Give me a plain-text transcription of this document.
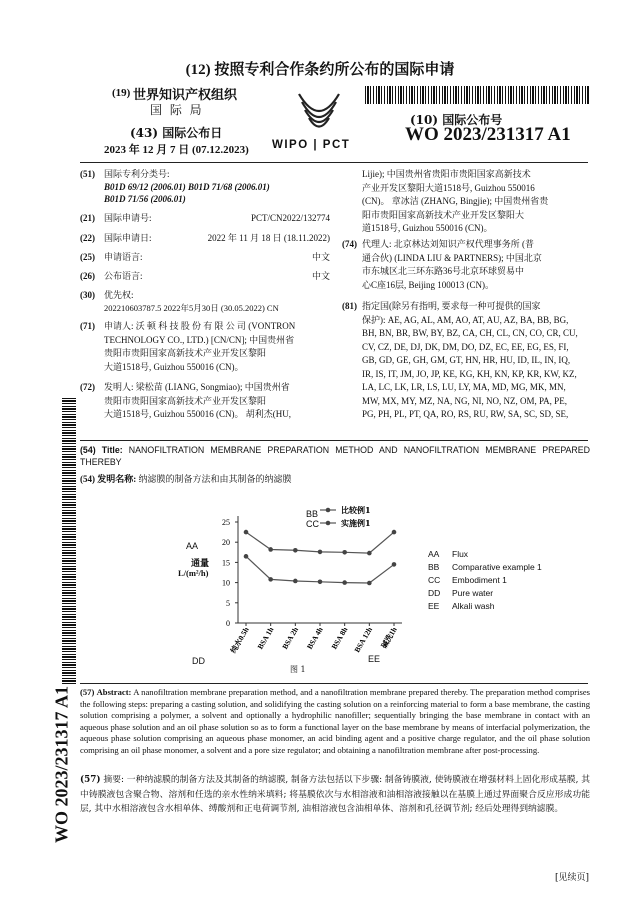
(12) 按照专利合作条约所公布的国际申请
(19) 世界知识产权组织
国 际 局
(43) 国际公布日
2023 年 12 月 7 日 (07.12.2023) WIPO | PCT
(10) 国际公布号
WO 2023/231317 A1
(51) 国际专利分类号:
B01D 69/12 (2006.01) B01D 71/68 (2006.01)
B01D 71/56 (2006.01)
(21) 国际申请号:	PCT/CN2022/132774
(22) 国际申请日:	2022 年 11 月 18 日 (18.11.2022)
(25) 申请语言:	中文
(26) 公布语言:	中文
(30) 优先权:
202210603787.5 2022年5月30日 (30.05.2022) CN
(71)	申请人: 沃 顿 科 技 股 份 有 限 公 司 (VONTRON
TECHNOLOGY CO., LTD.) [CN/CN]; 中国贵州省
贵阳市贵阳国家高新技术产业开发区黎阳
大道1518号, Guizhou 550016 (CN)。
(72)	发明人: 梁松苗 (LIANG, Songmiao); 中国贵州省
贵阳市贵阳国家高新技术产业开发区黎阳
大道1518号, Guizhou 550016 (CN)。 胡利杰(HU,
Lijie); 中国贵州省贵阳市贵阳国家高新技术
产业开发区黎阳大道1518号, Guizhou 550016
(CN)。 章冰洁 (ZHANG, Bingjie); 中国贵州省贵
阳市贵阳国家高新技术产业开发区黎阳大
道1518号, Guizhou 550016 (CN)。
(74) 代理人: 北京林达刘知识产权代理事务所 (普
通合伙) (LINDA LIU & PARTNERS); 中国北京
市东城区北三环东路36号北京环球贸易中
心C座16层, Beijing 100013 (CN)。
(81) 指定国(除另有指明, 要求每一种可提供的国家
保护): AE, AG, AL, AM, AO, AT, AU, AZ, BA, BB, BG,
BH, BN, BR, BW, BY, BZ, CA, CH, CL, CN, CO, CR, CU,
CV, CZ, DE, DJ, DK, DM, DO, DZ, EC, EE, EG, ES, FI,
GB, GD, GE, GH, GM, GT, HN, HR, HU, ID, IL, IN, IQ,
IR, IS, IT, JM, JO, JP, KE, KG, KH, KN, KP, KR, KW, KZ,
LA, LC, LK, LR, LS, LU, LY, MA, MD, MG, MK, MN,
MW, MX, MY, MZ, NA, NG, NI, NO, NZ, OM, PA, PE,
PG, PH, PL, PT, QA, RO, RS, RU, RW, SA, SC, SD, SE,
(54) Title: NANOFILTRATION MEMBRANE PREPARATION METHOD AND NANOFILTRATION MEMBRANE PREPARED THEREBY
(54) 发明名称: 纳滤膜的制备方法和由其制备的纳滤膜
0
5
10
15
20
25
纯水0.5h BSA 1h BSA 2h BSA 4h BSA 8h BSA 12h 碱洗1h
比较例1
实施例1
AA
通量
L/(m²/h)
BB
CC
DD	EE
图 1
AA Flux
BB Comparative example 1
CC Embodiment 1
DD Pure water
EE Alkali wash
(57) Abstract: A nanofiltration membrane preparation method, and a nanofiltration membrane prepared thereby. The preparation method comprises the following steps: preparing a casting solution, and solidifying the casting solution on a reinforcing material to form a base membrane, the casting solution comprising a polymer, a solvent and optionally a hydrophilic nanofiller; sequentially bringing the base membrane in contact with an aqueous phase solution and an oil phase solution so as to form a functional layer on the base membrane by means of interfacial polymerization, the aqueous phase solution comprising an aqueous phase monomer, an acid binding agent and a positive charge regulator, and the oil phase solution comprising an oil phase monomer, a solvent and a pore size regulator; and obtaining a nanofiltration membrane after post-processing.
(57) 摘要: 一种纳滤膜的制备方法及其制备的纳滤膜, 制备方法包括以下步骤: 制备铸膜液, 使铸膜液在增强材料上固化形成基膜, 其中铸膜液包含聚合物、溶剂和任选的亲水性纳米填料; 将基膜依次与水相溶液和油相溶液接触以在基膜上通过界面聚合反应形成功能层, 其中水相溶液包含水相单体、缚酸剂和正电荷调节剂, 油相溶液包含油相单体、溶剂和孔径调节剂; 经后处理得到纳滤膜。
WO 2023/231317 A1
[见续页]
